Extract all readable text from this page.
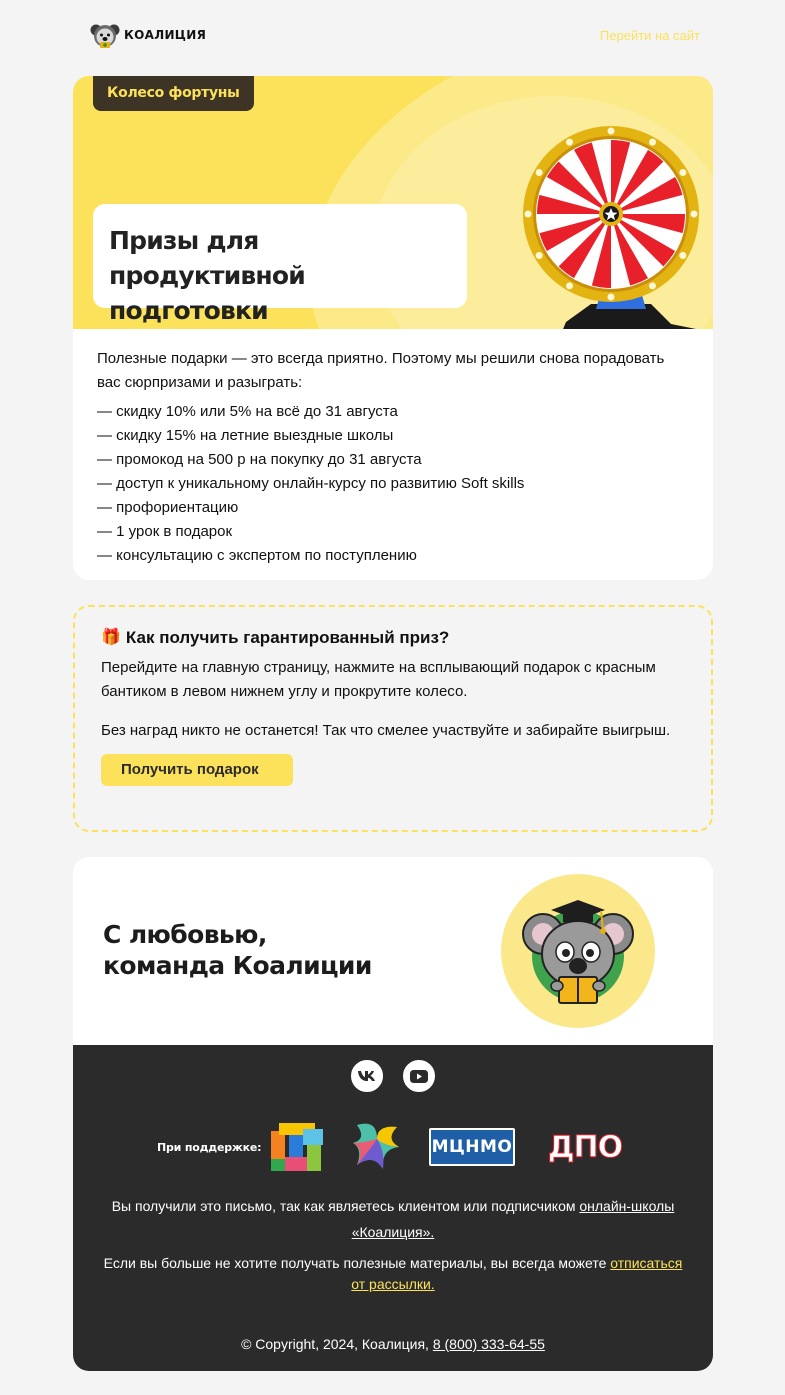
КОАЛИЦИЯ	Перейти на сайт
Колесо фортуны
Призы для продуктивной
подготовки

Полезные подарки — это всегда приятно. Поэтому мы решили снова порадовать вас сюрпризами и разыграть:

— скидку 10% или 5% на всё до 31 августа
— скидку 15% на летние выездные школы
— промокод на 500 р на покупку до 31 августа
— доступ к уникальному онлайн-курсу по развитию Soft skills
— профориентацию
— 1 урок в подарок
— консультацию с экспертом по поступлению
🎁 Как получить гарантированный приз?

Перейдите на главную страницу, нажмите на всплывающий подарок с красным бантиком в левом нижнем углу и прокрутите колесо.

Без наград никто не останется! Так что смелее участвуйте и забирайте выигрыш.

Получить подарок
С любовью,
команда Коалиции
При поддержке:	МЦНМО ДПО

Вы получили это письмо, так как являетесь клиентом или подписчиком онлайн-школы «Коалиция».

Если вы больше не хотите получать полезные материалы, вы всегда можете отписаться от рассылки.

© Copyright, 2024, Коалиция, 8 (800) 333-64-55
